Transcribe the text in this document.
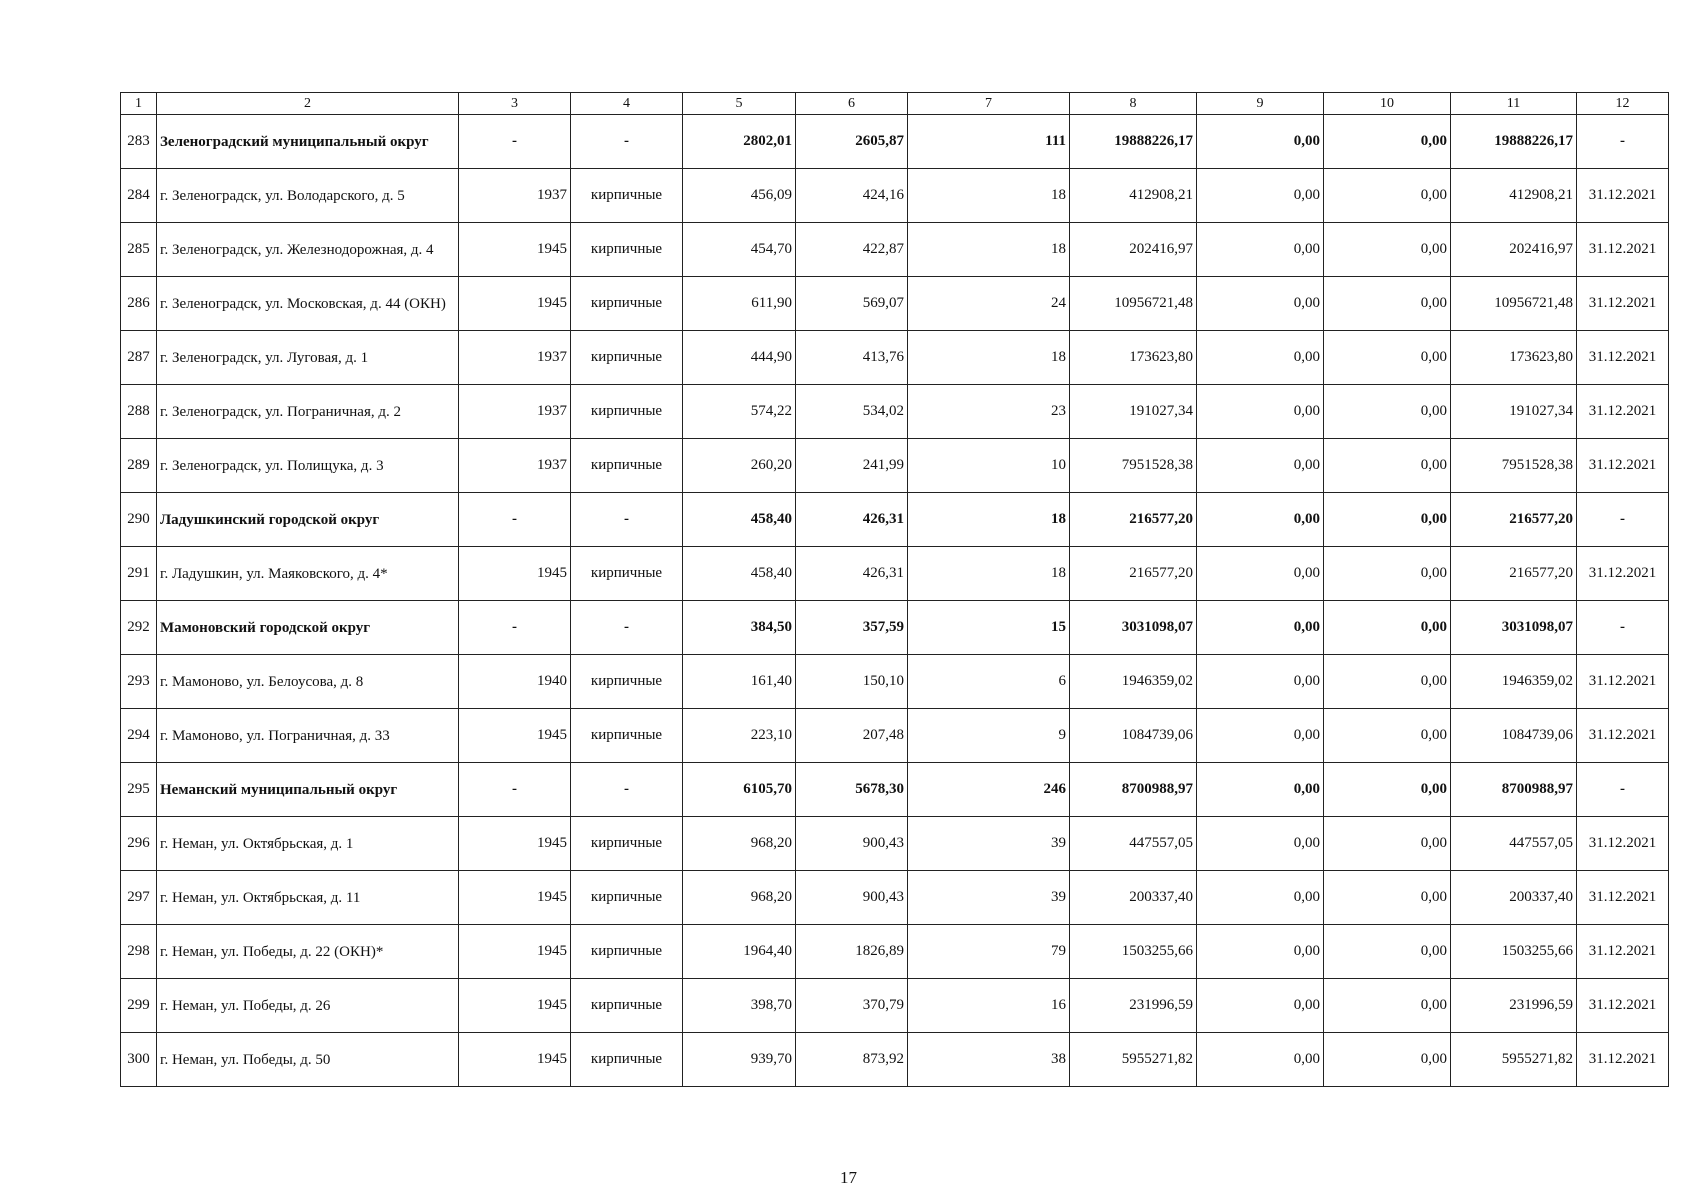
1	2	3	4	5	6	7	8	9	10	11	12
283	Зеленоградский муниципальный округ	-	-	2802,01	2605,87	111	19888226,17	0,00	0,00	19888226,17	-
284	г. Зеленоградск, ул. Володарского, д. 5	1937	кирпичные	456,09	424,16	18	412908,21	0,00	0,00	412908,21	31.12.2021
285	г. Зеленоградск, ул. Железнодорожная, д. 4	1945	кирпичные	454,70	422,87	18	202416,97	0,00	0,00	202416,97	31.12.2021
286	г. Зеленоградск, ул. Московская, д. 44 (ОКН)	1945	кирпичные	611,90	569,07	24	10956721,48	0,00	0,00	10956721,48	31.12.2021
287	г. Зеленоградск, ул. Луговая, д. 1	1937	кирпичные	444,90	413,76	18	173623,80	0,00	0,00	173623,80	31.12.2021
288	г. Зеленоградск, ул. Пограничная, д. 2	1937	кирпичные	574,22	534,02	23	191027,34	0,00	0,00	191027,34	31.12.2021
289	г. Зеленоградск, ул. Полищука, д. 3	1937	кирпичные	260,20	241,99	10	7951528,38	0,00	0,00	7951528,38	31.12.2021
290	Ладушкинский городской округ	-	-	458,40	426,31	18	216577,20	0,00	0,00	216577,20	-
291	г. Ладушкин, ул. Маяковского, д. 4*	1945	кирпичные	458,40	426,31	18	216577,20	0,00	0,00	216577,20	31.12.2021
292	Мамоновский городской округ	-	-	384,50	357,59	15	3031098,07	0,00	0,00	3031098,07	-
293	г. Мамоново, ул. Белоусова, д. 8	1940	кирпичные	161,40	150,10	6	1946359,02	0,00	0,00	1946359,02	31.12.2021
294	г. Мамоново, ул. Пограничная, д. 33	1945	кирпичные	223,10	207,48	9	1084739,06	0,00	0,00	1084739,06	31.12.2021
295	Неманский муниципальный округ	-	-	6105,70	5678,30	246	8700988,97	0,00	0,00	8700988,97	-
296	г. Неман, ул. Октябрьская, д. 1	1945	кирпичные	968,20	900,43	39	447557,05	0,00	0,00	447557,05	31.12.2021
297	г. Неман, ул. Октябрьская, д. 11	1945	кирпичные	968,20	900,43	39	200337,40	0,00	0,00	200337,40	31.12.2021
298	г. Неман, ул. Победы, д. 22 (ОКН)*	1945	кирпичные	1964,40	1826,89	79	1503255,66	0,00	0,00	1503255,66	31.12.2021
299	г. Неман, ул. Победы, д. 26	1945	кирпичные	398,70	370,79	16	231996,59	0,00	0,00	231996,59	31.12.2021
300	г. Неман, ул. Победы, д. 50	1945	кирпичные	939,70	873,92	38	5955271,82	0,00	0,00	5955271,82	31.12.2021
17
